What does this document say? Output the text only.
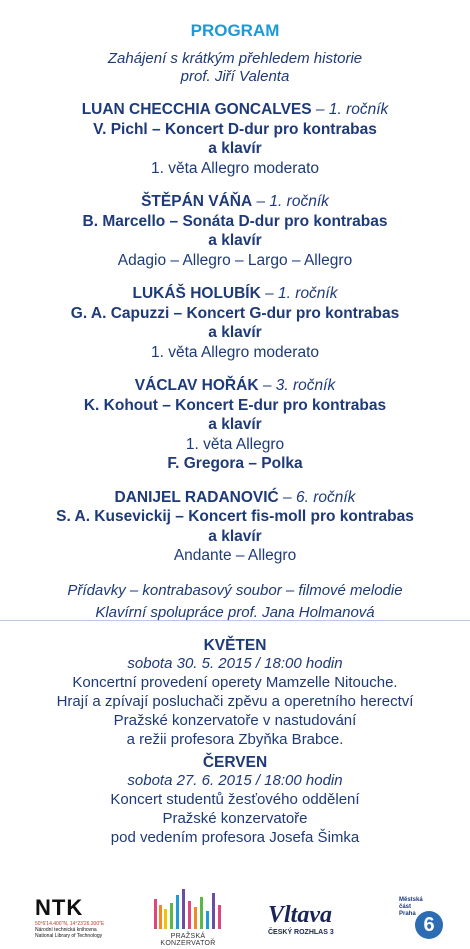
PROGRAM
Zahájení s krátkým přehledem historie
prof. Jiří Valenta
LUAN CHECCHIA GONCALVES – 1. ročník
V. Pichl – Koncert D-dur pro kontrabas
a klavír
1. věta Allegro moderato
ŠTĚPÁN VÁŇA – 1. ročník
B. Marcello – Sonáta D-dur pro kontrabas
a klavír
Adagio – Allegro – Largo – Allegro
LUKÁŠ HOLUBÍK – 1. ročník
G. A. Capuzzi – Koncert G-dur pro kontrabas
a klavír
1. věta Allegro moderato
VÁCLAV HOŘÁK – 3. ročník
K. Kohout – Koncert E-dur pro kontrabas
a klavír
1. věta Allegro
F. Gregora – Polka
DANIJEL RADANOVIĆ – 6. ročník
S. A. Kusevickij – Koncert fis-moll pro kontrabas
a klavír
Andante – Allegro
Přídavky – kontrabasový soubor – filmové melodie
Klavírní spolupráce prof. Jana Holmanová
KVĚTEN
sobota 30. 5. 2015 / 18:00 hodin
Koncertní provedení operety Mamzelle Nitouche.
Hrají a zpívají posluchači zpěvu a operetního herectví
Pražské konzervatoře v nastudování
a režii profesora Zbyňka Brabce.
ČERVEN
sobota 27. 6. 2015 / 18:00 hodin
Koncert studentů žesťového oddělení
Pražské konzervatoře
pod vedením profesora Josefa Šimka
NTK
50°6'14.400"N, 14°23'26.300"E
Národní technická knihovna
National Library of Technology	PRAŽSKÁ KONZERVATOŘ
Vltava
ČESKÝ ROZHLAS 3
Městská
část
Praha 6
